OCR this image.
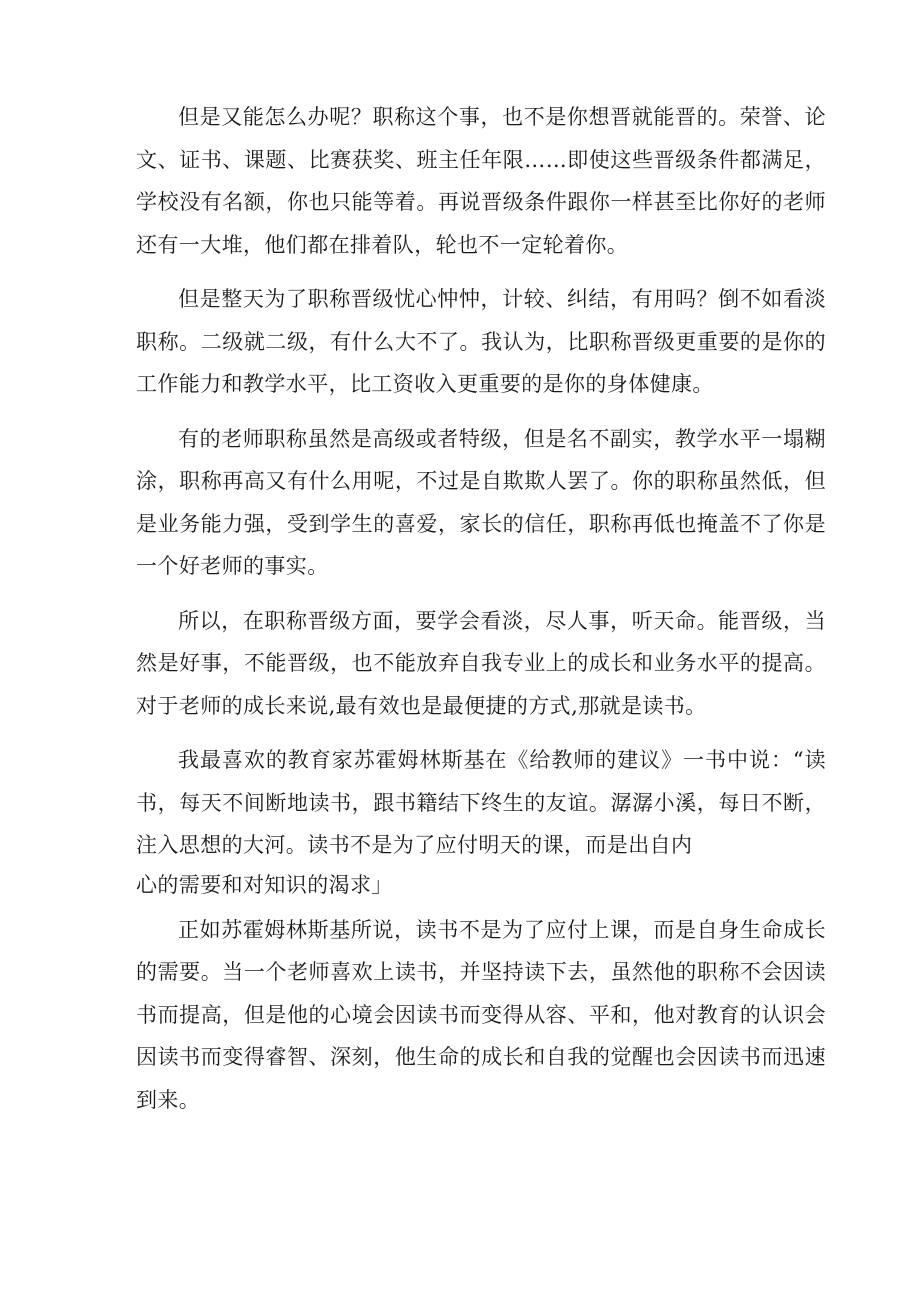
但是又能怎么办呢？职称这个事，也不是你想晋就能晋的。荣誉、论文、证书、课题、比赛获奖、班主任年限……即使这些晋级条件都满足，学校没有名额，你也只能等着。再说晋级条件跟你一样甚至比你好的老师还有一大堆，他们都在排着队，轮也不一定轮着你。

但是整天为了职称晋级忧心忡忡，计较、纠结，有用吗？倒不如看淡职称。二级就二级，有什么大不了。我认为，比职称晋级更重要的是你的工作能力和教学水平，比工资收入更重要的是你的身体健康。

有的老师职称虽然是高级或者特级，但是名不副实，教学水平一塌糊涂，职称再高又有什么用呢，不过是自欺欺人罢了。你的职称虽然低，但是业务能力强，受到学生的喜爱，家长的信任，职称再低也掩盖不了你是一个好老师的事实。

所以，在职称晋级方面，要学会看淡，尽人事，听天命。能晋级，当然是好事，不能晋级，也不能放弃自我专业上的成长和业务水平的提高。对于老师的成长来说,最有效也是最便捷的方式,那就是读书。

我最喜欢的教育家苏霍姆林斯基在《给教师的建议》一书中说：“读书，每天不间断地读书，跟书籍结下终生的友谊。潺潺小溪，每日不断，注入思想的大河。读书不是为了应付明天的课，而是出自内

心的需要和对知识的渴求」

正如苏霍姆林斯基所说，读书不是为了应付上课，而是自身生命成长的需要。当一个老师喜欢上读书，并坚持读下去，虽然他的职称不会因读书而提高，但是他的心境会因读书而变得从容、平和，他对教育的认识会因读书而变得睿智、深刻，他生命的成长和自我的觉醒也会因读书而迅速到来。
